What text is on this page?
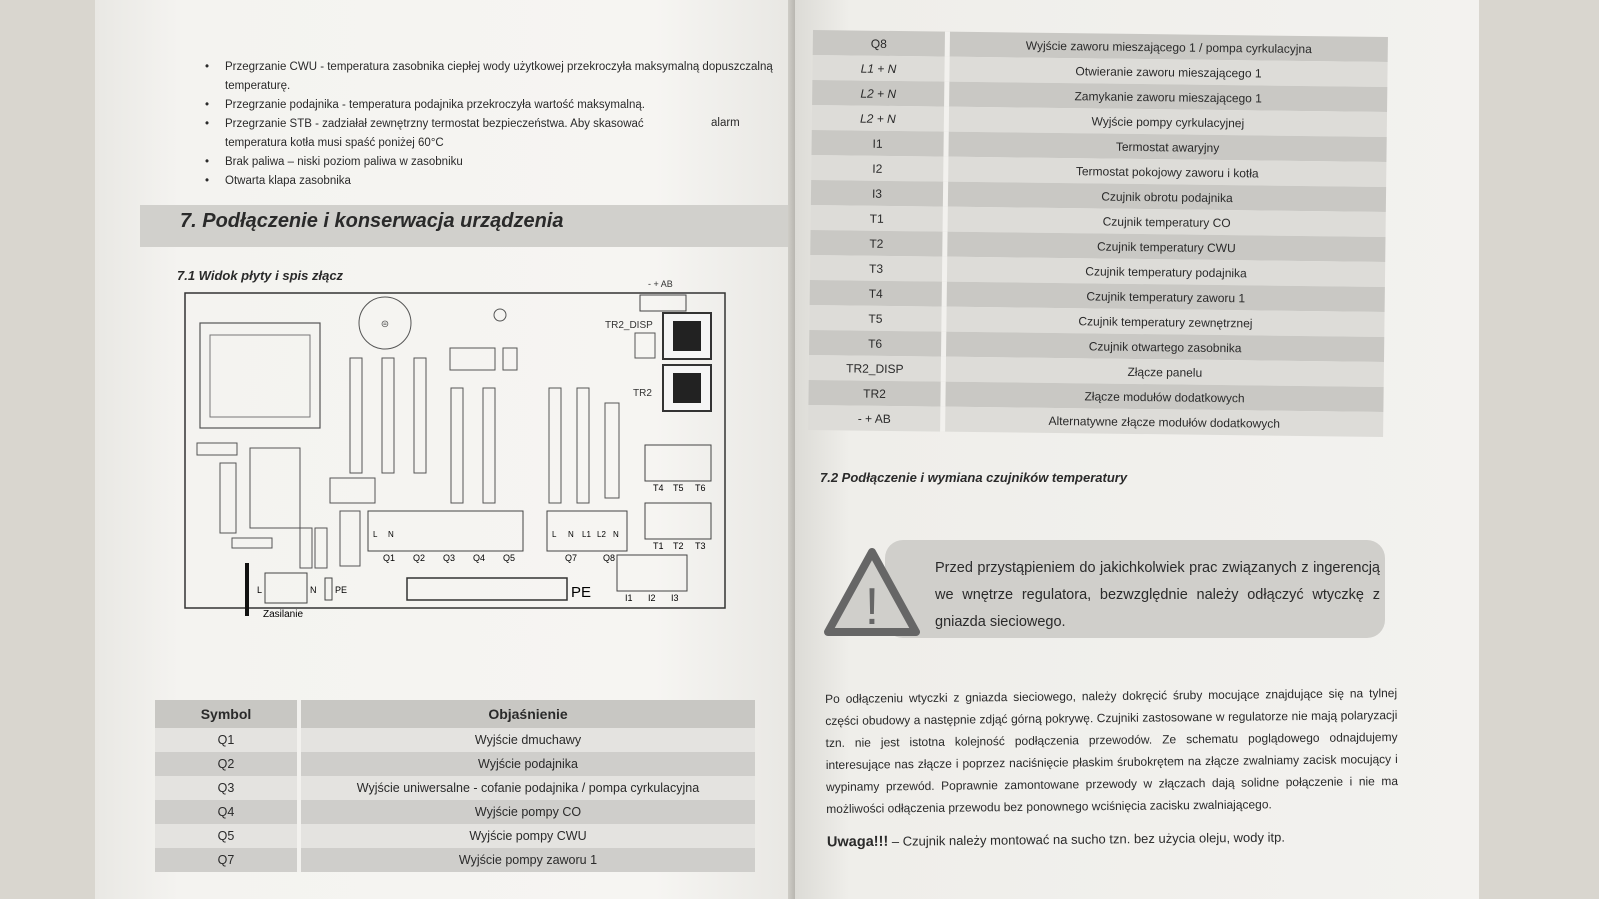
• Przegrzanie CWU - temperatura zasobnika ciepłej wody użytkowej przekroczyła maksymalną dopuszczalną temperaturę.
• Przegrzanie podajnika - temperatura podajnika przekroczyła wartość maksymalną.
• Przegrzanie STB - zadziałał zewnętrzny termostat bezpieczeństwa. Aby skasować temperatura kotła musi spaść poniżej 60°C
• Brak paliwa – niski poziom paliwa w zasobniku
• Otwarta klapa zasobnika
alarm
7. Podłączenie i konserwacja urządzenia
7.1 Widok płyty i spis złącz
⊜	TR2_DISP
TR2
- + AB
T4 T5 T6
T1 T2 T3
I1 I2 I3
Q1 Q2 Q3 Q4 Q5	Q7	Q8
L N	L N L1 L2 N
PE
L	N PE
Zasilanie
Symbol	Objaśnienie
Q1	Wyjście dmuchawy
Q2	Wyjście podajnika
Q3	Wyjście uniwersalne - cofanie podajnika / pompa cyrkulacyjna
Q4	Wyjście pompy CO
Q5	Wyjście pompy CWU
Q7	Wyjście pompy zaworu 1
Q8	Wyjście zaworu mieszającego 1 / pompa cyrkulacyjna
L1 + N	Otwieranie zaworu mieszającego 1
L2 + N	Zamykanie zaworu mieszającego 1
L2 + N	Wyjście pompy cyrkulacyjnej
I1	Termostat awaryjny
I2	Termostat pokojowy zaworu i kotła
I3	Czujnik obrotu podajnika
T1	Czujnik temperatury CO
T2	Czujnik temperatury CWU
T3	Czujnik temperatury podajnika
T4	Czujnik temperatury zaworu 1
T5	Czujnik temperatury zewnętrznej
T6	Czujnik otwartego zasobnika
TR2_DISP	Złącze panelu
TR2	Złącze modułów dodatkowych
- + AB	Alternatywne złącze modułów dodatkowych
7.2 Podłączenie i wymiana czujników temperatury
!
Przed przystąpieniem do jakichkolwiek prac związanych z ingerencją we wnętrze regulatora, bezwzględnie należy odłączyć wtyczkę z gniazda sieciowego.
Po odłączeniu wtyczki z gniazda sieciowego, należy dokręcić śruby mocujące znajdujące się na tylnej części obudowy a następnie zdjąć górną pokrywę. Czujniki zastosowane w regulatorze nie mają polaryzacji tzn. nie jest istotna kolejność podłączenia przewodów. Ze schematu poglądowego odnajdujemy interesujące nas złącze i poprzez naciśnięcie płaskim śrubokrętem na złącze zwalniamy zacisk mocujący i wypinamy przewód. Poprawnie zamontowane przewody w złączach dają solidne połączenie i nie ma możliwości odłączenia przewodu bez ponownego wciśnięcia zacisku zwalniającego.
Uwaga!!! – Czujnik należy montować na sucho tzn. bez użycia oleju, wody itp.
